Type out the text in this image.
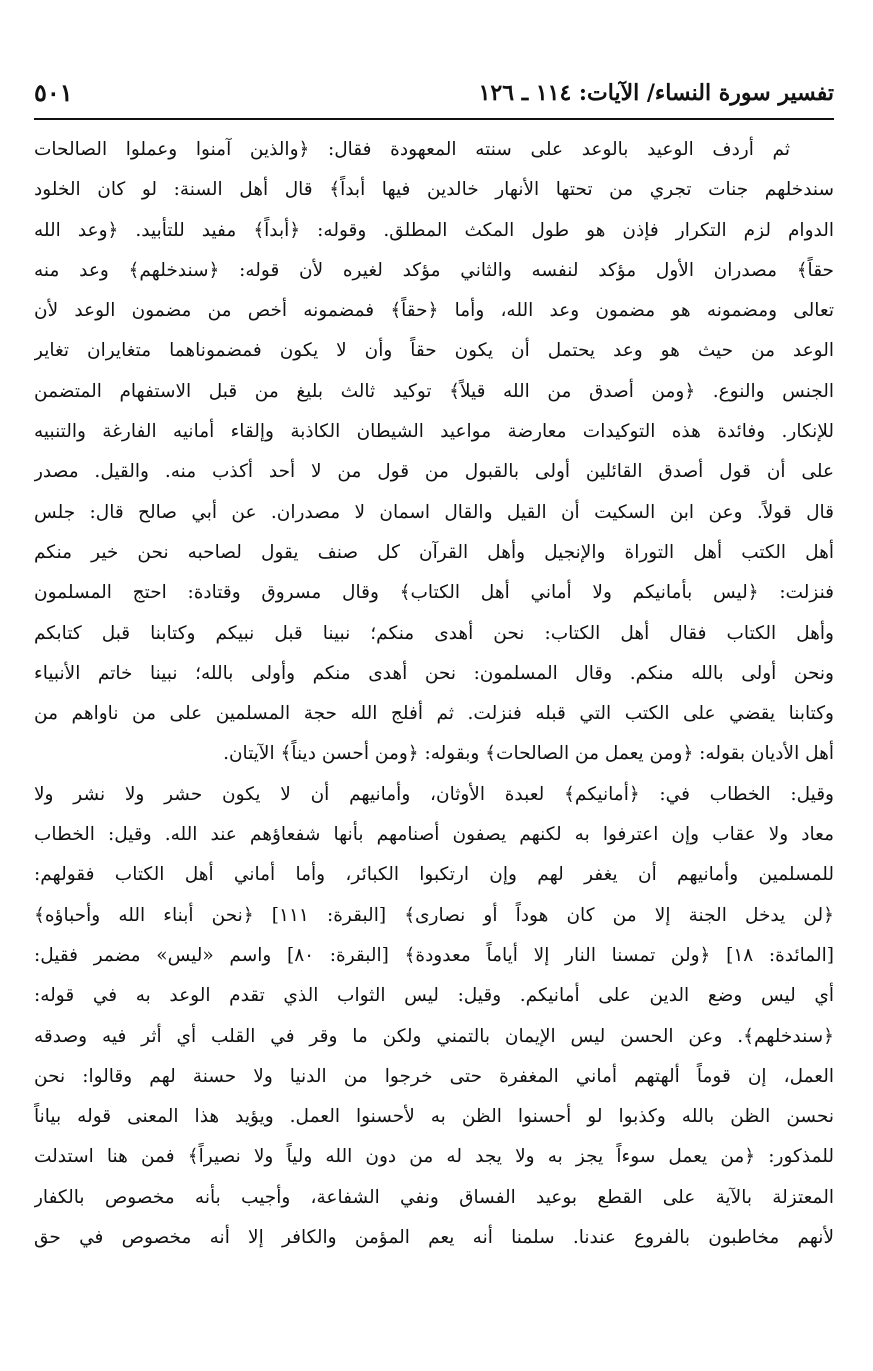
تفسير سورة النساء/ الآيات: ١١٤ ـ ١٢٦
٥٠١
ثم أردف الوعيد بالوعد على سنته المعهودة فقال: ﴿والذين آمنوا وعملوا الصالحات
سندخلهم جنات تجري من تحتها الأنهار خالدين فيها أبداً﴾ قال أهل السنة: لو كان الخلود
الدوام لزم التكرار فإذن هو طول المكث المطلق. وقوله: ﴿أبداً﴾ مفيد للتأبيد. ﴿وعد الله
حقاً﴾ مصدران الأول مؤكد لنفسه والثاني مؤكد لغيره لأن قوله: ﴿سندخلهم﴾ وعد منه
تعالى ومضمونه هو مضمون وعد الله، وأما ﴿حقاً﴾ فمضمونه أخص من مضمون الوعد لأن
الوعد من حيث هو وعد يحتمل أن يكون حقاً وأن لا يكون فمضموناهما متغايران تغاير
الجنس والنوع. ﴿ومن أصدق من الله قيلاً﴾ توكيد ثالث بليغ من قبل الاستفهام المتضمن
للإنكار. وفائدة هذه التوكيدات معارضة مواعيد الشيطان الكاذبة وإلقاء أمانيه الفارغة والتنبيه
على أن قول أصدق القائلين أولى بالقبول من قول من لا أحد أكذب منه. والقيل. مصدر
قال قولاً. وعن ابن السكيت أن القيل والقال اسمان لا مصدران. عن أبي صالح قال: جلس
أهل الكتب أهل التوراة والإنجيل وأهل القرآن كل صنف يقول لصاحبه نحن خير منكم
فنزلت: ﴿ليس بأمانيكم ولا أماني أهل الكتاب﴾ وقال مسروق وقتادة: احتج المسلمون
وأهل الكتاب فقال أهل الكتاب: نحن أهدى منكم؛ نبينا قبل نبيكم وكتابنا قبل كتابكم
ونحن أولى بالله منكم. وقال المسلمون: نحن أهدى منكم وأولى بالله؛ نبينا خاتم الأنبياء
وكتابنا يقضي على الكتب التي قبله فنزلت. ثم أفلج الله حجة المسلمين على من ناواهم من
أهل الأديان بقوله: ﴿ومن يعمل من الصالحات﴾ وبقوله: ﴿ومن أحسن ديناً﴾ الآيتان.
وقيل: الخطاب في: ﴿أمانيكم﴾ لعبدة الأوثان، وأمانيهم أن لا يكون حشر ولا نشر ولا
معاد ولا عقاب وإن اعترفوا به لكنهم يصفون أصنامهم بأنها شفعاؤهم عند الله. وقيل: الخطاب
للمسلمين وأمانيهم أن يغفر لهم وإن ارتكبوا الكبائر، وأما أماني أهل الكتاب فقولهم:
﴿لن يدخل الجنة إلا من كان هوداً أو نصارى﴾ [البقرة: ١١١] ﴿نحن أبناء الله وأحباؤه﴾
[المائدة: ١٨] ﴿ولن تمسنا النار إلا أياماً معدودة﴾ [البقرة: ٨٠] واسم «ليس» مضمر فقيل:
أي ليس وضع الدين على أمانيكم. وقيل: ليس الثواب الذي تقدم الوعد به في قوله:
﴿سندخلهم﴾. وعن الحسن ليس الإيمان بالتمني ولكن ما وقر في القلب أي أثر فيه وصدقه
العمل، إن قوماً ألهتهم أماني المغفرة حتى خرجوا من الدنيا ولا حسنة لهم وقالوا: نحن
نحسن الظن بالله وكذبوا لو أحسنوا الظن به لأحسنوا العمل. ويؤيد هذا المعنى قوله بياناً
للمذكور: ﴿من يعمل سوءاً يجز به ولا يجد له من دون الله ولياً ولا نصيراً﴾ فمن هنا استدلت
المعتزلة بالآية على القطع بوعيد الفساق ونفي الشفاعة، وأجيب بأنه مخصوص بالكفار
لأنهم مخاطبون بالفروع عندنا. سلمنا أنه يعم المؤمن والكافر إلا أنه مخصوص في حق
